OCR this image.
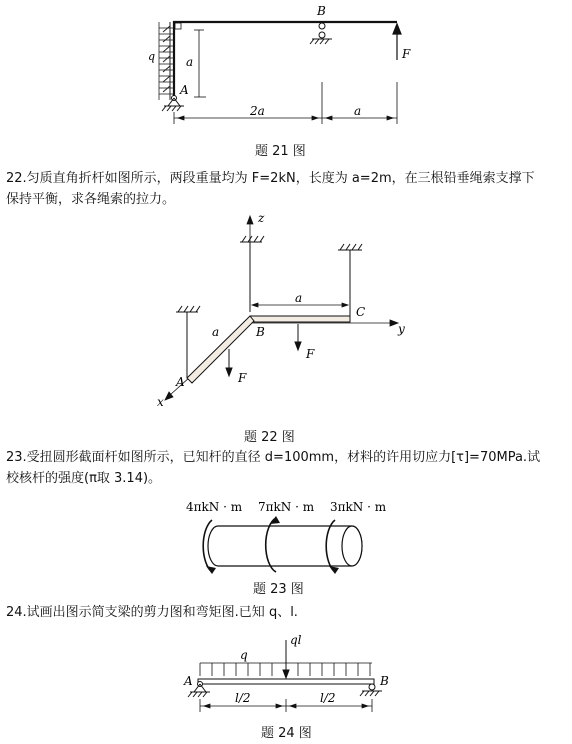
B
F
q	a
A
2a	a
题 21 图
22.匀质直角折杆如图所示，两段重量均为 F=2kN，长度为 a=2m，在三根铅垂绳索支撑下
保持平衡，求各绳索的拉力。
z
a
C
y
B
a
F
F
A
x
题 22 图
23.受扭圆形截面杆如图所示，已知杆的直径 d=100mm，材料的许用切应力[τ]=70MPa.试
校核杆的强度(π取 3.14)。
4πkN · m 7πkN · m 3πkN · m
题 23 图
24.试画出图示简支梁的剪力图和弯矩图.已知 q、l.
ql
q
A	B
l/2	l/2
题 24 图
